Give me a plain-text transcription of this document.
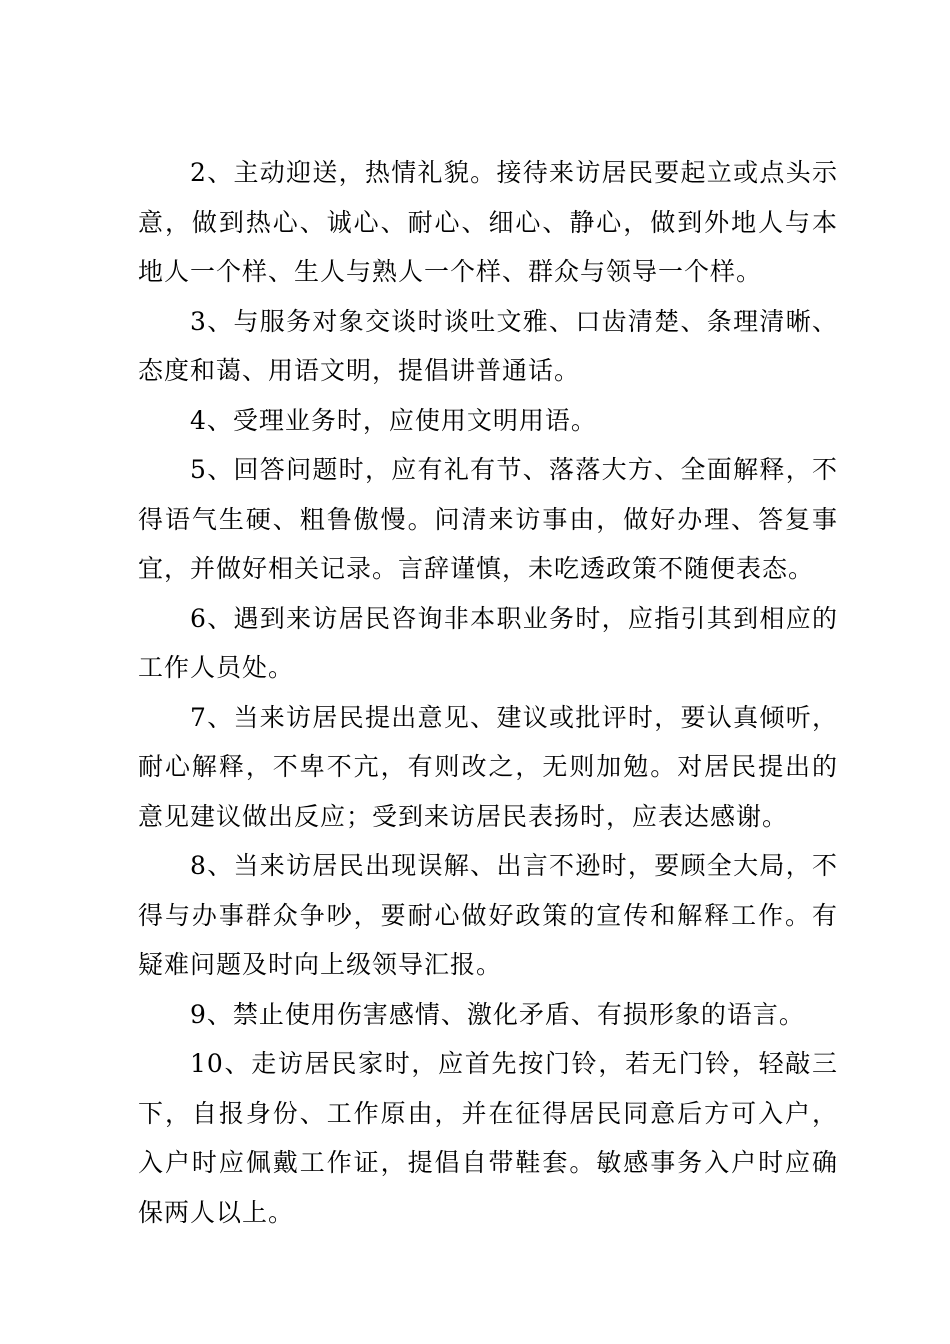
2、主动迎送，热情礼貌。接待来访居民要起立或点头示意，做到热心、诚心、耐心、细心、静心，做到外地人与本地人一个样、生人与熟人一个样、群众与领导一个样。

3、与服务对象交谈时谈吐文雅、口齿清楚、条理清晰、态度和蔼、用语文明，提倡讲普通话。

4、受理业务时，应使用文明用语。

5、回答问题时，应有礼有节、落落大方、全面解释，不得语气生硬、粗鲁傲慢。问清来访事由，做好办理、答复事宜，并做好相关记录。言辞谨慎，未吃透政策不随便表态。

6、遇到来访居民咨询非本职业务时，应指引其到相应的工作人员处。

7、当来访居民提出意见、建议或批评时，要认真倾听，耐心解释，不卑不亢，有则改之，无则加勉。对居民提出的意见建议做出反应；受到来访居民表扬时，应表达感谢。

8、当来访居民出现误解、出言不逊时，要顾全大局，不得与办事群众争吵，要耐心做好政策的宣传和解释工作。有疑难问题及时向上级领导汇报。

9、禁止使用伤害感情、激化矛盾、有损形象的语言。

10、走访居民家时，应首先按门铃，若无门铃，轻敲三下，自报身份、工作原由，并在征得居民同意后方可入户，入户时应佩戴工作证，提倡自带鞋套。敏感事务入户时应确保两人以上。
